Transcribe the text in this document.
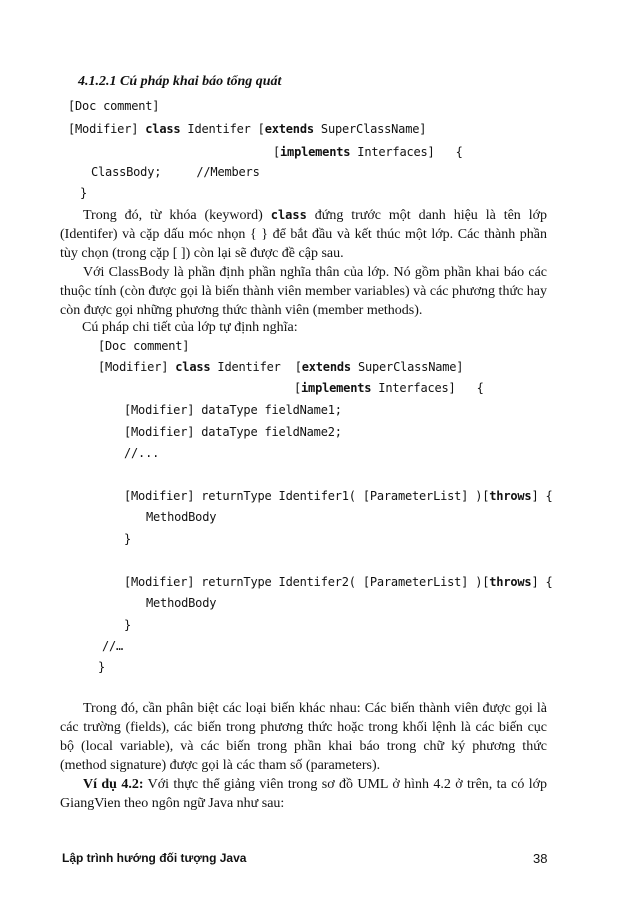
4.1.2.1 Cú pháp khai báo tổng quát
[Doc comment]
[Modifier] class Identifer [extends SuperClassName]
[implements Interfaces]   {
ClassBody;     //Members
}
Trong đó, từ khóa (keyword) class đứng trước một danh hiệu là tên lớp (Identifer) và cặp dấu móc nhọn { } để bắt đầu và kết thúc một lớp. Các thành phần tùy chọn (trong cặp [ ]) còn lại sẽ được đề cập sau.
Với ClassBody là phần định phần nghĩa thân của lớp. Nó gồm phần khai báo các thuộc tính (còn được gọi là biến thành viên member variables) và các phương thức hay còn được gọi những phương thức thành viên (member methods).
Cú pháp chi tiết của lớp tự định nghĩa:
[Doc comment]
[Modifier] class Identifer  [extends SuperClassName]
[implements Interfaces]   {
[Modifier] dataType fieldName1;
[Modifier] dataType fieldName2;
//...
[Modifier] returnType Identifer1( [ParameterList] )[throws] {
MethodBody
}
[Modifier] returnType Identifer2( [ParameterList] )[throws] {
MethodBody
}
//…
}
Trong đó, cần phân biệt các loại biến khác nhau: Các biến thành viên được gọi là các trường (fields), các biến trong phương thức hoặc trong khối lệnh là các biến cục bộ (local variable), và các biến trong phần khai báo trong chữ ký phương thức (method signature) được gọi là các tham số (parameters).
Ví dụ 4.2: Với thực thể giảng viên trong sơ đồ UML ở hình 4.2 ở trên, ta có lớp GiangVien theo ngôn ngữ Java như sau:
Lập trình hướng đối tượng Java	38
